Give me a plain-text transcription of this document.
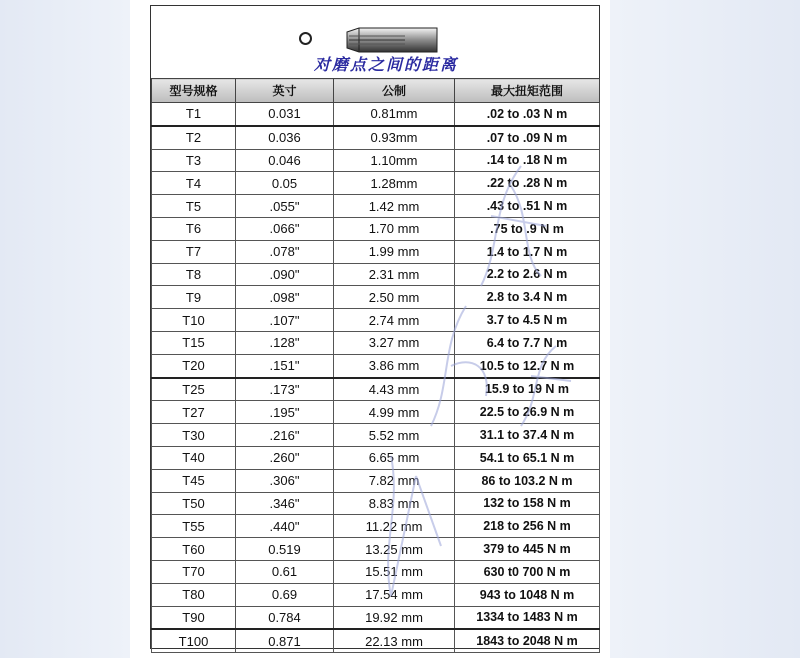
对磨点之间的距离
型号规格	英寸	公制	最大扭矩范围
T1	0.031	0.81mm	.02 to .03 N m
T2	0.036	0.93mm	.07 to .09 N m
T3	0.046	1.10mm	.14 to .18 N m
T4	0.05	1.28mm	.22 to .28 N m
T5	.055"	1.42 mm	.43 to .51 N m
T6	.066"	1.70 mm	.75 to .9 N m
T7	.078"	1.99 mm	1.4 to 1.7 N m
T8	.090"	2.31 mm	2.2 to 2.6 N m
T9	.098"	2.50 mm	2.8 to 3.4 N m
T10	.107"	2.74 mm	3.7 to 4.5 N m
T15	.128"	3.27 mm	6.4 to 7.7 N m
T20	.151"	3.86 mm	10.5 to 12.7 N m
T25	.173"	4.43 mm	15.9 to 19 N m
T27	.195"	4.99 mm	22.5 to 26.9 N m
T30	.216"	5.52 mm	31.1 to 37.4 N m
T40	.260"	6.65 mm	54.1 to 65.1 N m
T45	.306"	7.82 mm	86 to 103.2 N m
T50	.346"	8.83 mm	132 to 158 N m
T55	.440"	11.22 mm	218 to 256 N m
T60	0.519	13.25 mm	379 to 445 N m
T70	0.61	15.51 mm	630 t0 700 N m
T80	0.69	17.54 mm	943 to 1048 N m
T90	0.784	19.92 mm	1334 to 1483 N m
T100	0.871	22.13 mm	1843 to 2048 N m
